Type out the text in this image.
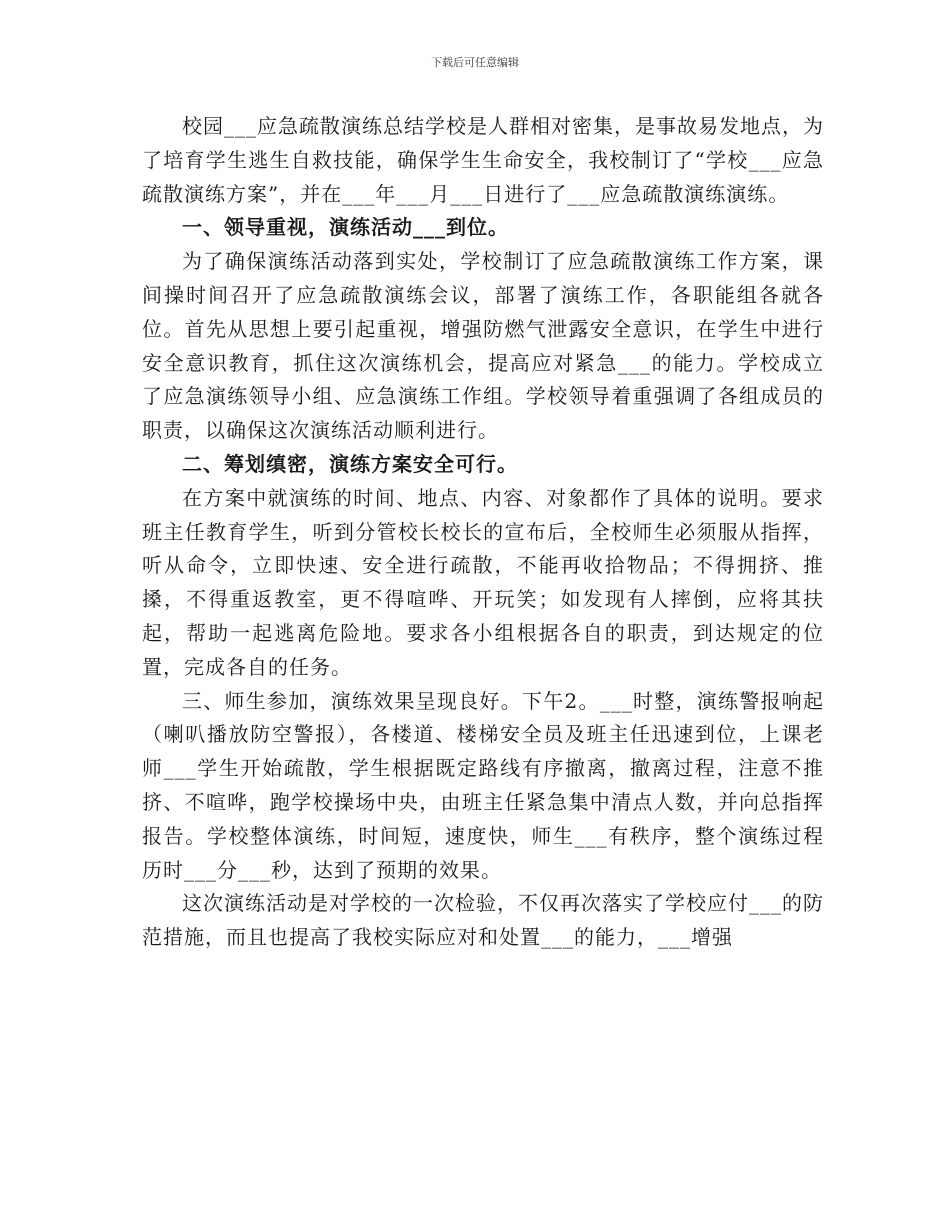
下载后可任意编辑

校园___应急疏散演练总结学校是人群相对密集，是事故易发地点，为了培育学生逃生自救技能，确保学生生命安全，我校制订了“学校___应急疏散演练方案”，并在___年___月___日进行了___应急疏散演练演练。

一、领导重视，演练活动___到位。

为了确保演练活动落到实处，学校制订了应急疏散演练工作方案，课间操时间召开了应急疏散演练会议，部署了演练工作，各职能组各就各位。首先从思想上要引起重视，增强防燃气泄露安全意识，在学生中进行安全意识教育，抓住这次演练机会，提高应对紧急___的能力。学校成立了应急演练领导小组、应急演练工作组。学校领导着重强调了各组成员的职责，以确保这次演练活动顺利进行。

二、筹划缜密，演练方案安全可行。

在方案中就演练的时间、地点、内容、对象都作了具体的说明。要求班主任教育学生，听到分管校长校长的宣布后，全校师生必须服从指挥，听从命令，立即快速、安全进行疏散，不能再收拾物品；不得拥挤、推搡，不得重返教室，更不得喧哗、开玩笑；如发现有人摔倒，应将其扶起，帮助一起逃离危险地。要求各小组根据各自的职责，到达规定的位置，完成各自的任务。

三、师生参加，演练效果呈现良好。下午2。___时整，演练警报响起（喇叭播放防空警报），各楼道、楼梯安全员及班主任迅速到位，上课老师___学生开始疏散，学生根据既定路线有序撤离，撤离过程，注意不推挤、不喧哗，跑学校操场中央，由班主任紧急集中清点人数，并向总指挥报告。学校整体演练，时间短，速度快，师生___有秩序，整个演练过程历时___分___秒，达到了预期的效果。

这次演练活动是对学校的一次检验，不仅再次落实了学校应付___的防范措施，而且也提高了我校实际应对和处置___的能力，___增强
